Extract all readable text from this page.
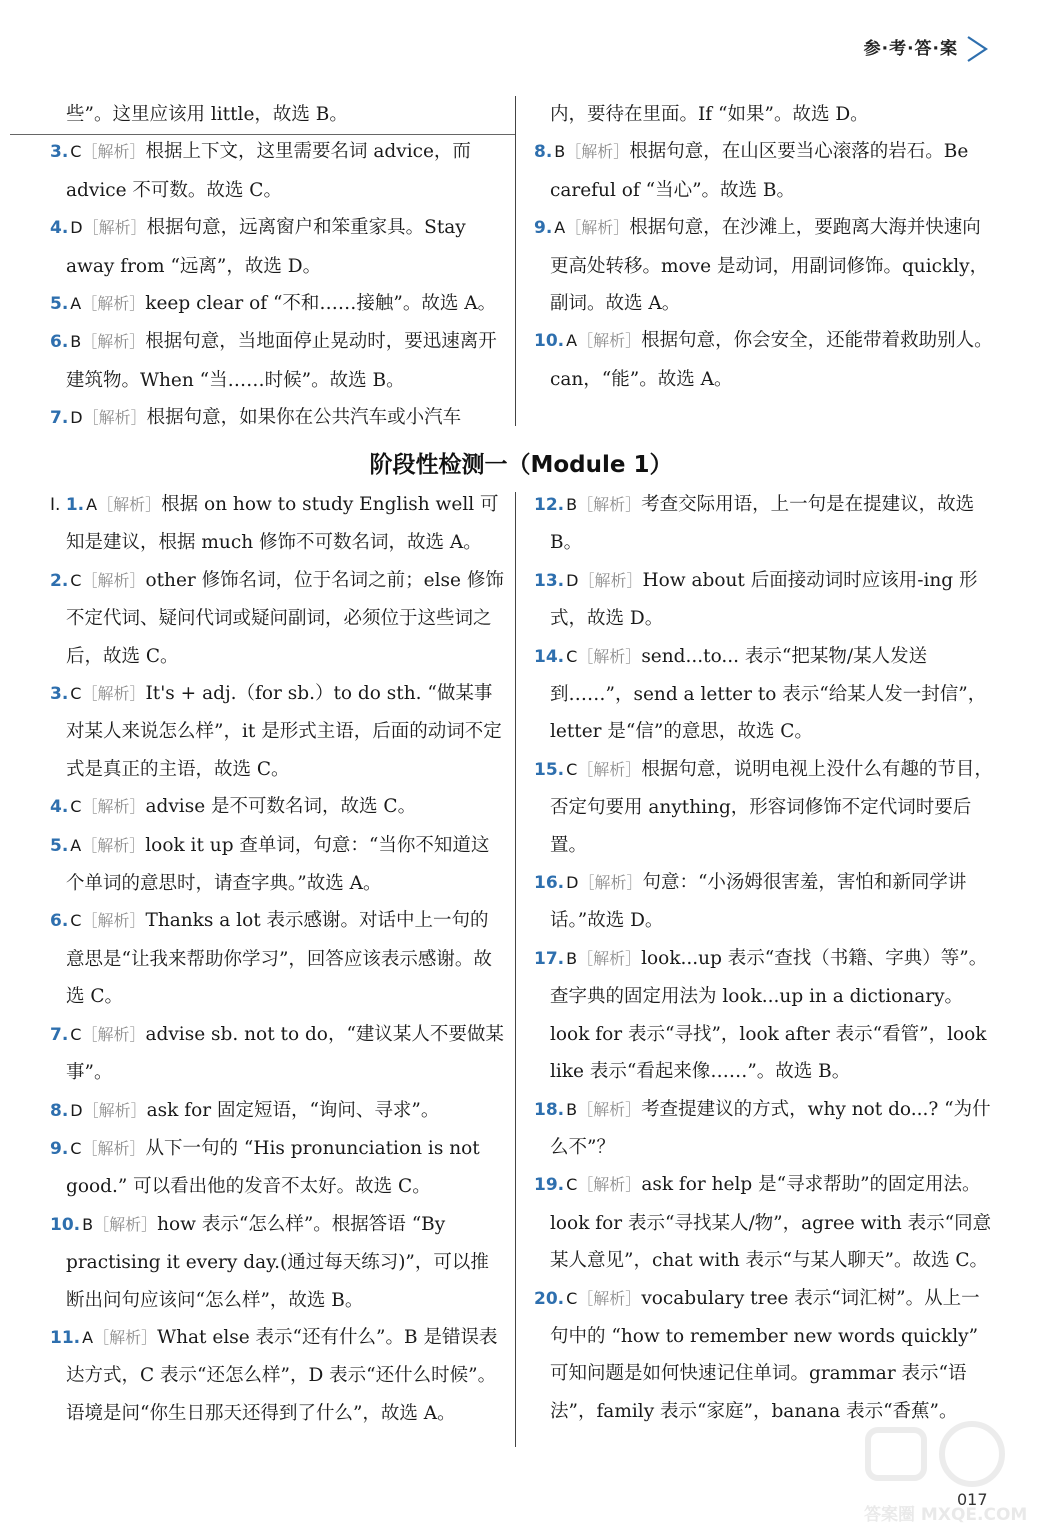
参·考·答·案

些”。这里应该用 little，故选 B。

3. C［解析］根据上下文，这里需要名词 advice，而 advice 不可数。故选 C。

4. D［解析］根据句意，远离窗户和笨重家具。Stay away from “远离”，故选 D。

5. A［解析］keep clear of “不和……接触”。故选 A。

6. B［解析］根据句意，当地面停止晃动时，要迅速离开建筑物。When “当……时候”。故选 B。

7. D［解析］根据句意，如果你在公共汽车或小汽车

内，要待在里面。If “如果”。故选 D。

8. B［解析］根据句意，在山区要当心滚落的岩石。Be careful of “当心”。故选 B。

9. A［解析］根据句意，在沙滩上，要跑离大海并快速向更高处转移。move 是动词，用副词修饰。quickly，副词。故选 A。

10. A［解析］根据句意，你会安全，还能带着救助别人。can，“能”。故选 A。

阶段性检测一（Module 1）

Ⅰ. 1. A［解析］根据 on how to study English well 可知是建议，根据 much 修饰不可数名词，故选 A。

2. C［解析］other 修饰名词，位于名词之前；else 修饰不定代词、疑问代词或疑问副词，必须位于这些词之后，故选 C。

3. C［解析］It's + adj.（for sb.）to do sth. “做某事对某人来说怎么样”，it 是形式主语，后面的动词不定式是真正的主语，故选 C。

4. C［解析］advise 是不可数名词，故选 C。

5. A［解析］look it up 查单词，句意：“当你不知道这个单词的意思时，请查字典。”故选 A。

6. C［解析］Thanks a lot 表示感谢。对话中上一句的意思是“让我来帮助你学习”，回答应该表示感谢。故选 C。

7. C［解析］advise sb. not to do，“建议某人不要做某事”。

8. D［解析］ask for 固定短语，“询问、寻求”。

9. C［解析］从下一句的 “His pronunciation is not good.” 可以看出他的发音不太好。故选 C。

10. B［解析］how 表示“怎么样”。根据答语 “By practising it every day.(通过每天练习)”，可以推断出问句应该问“怎么样”，故选 B。

11. A［解析］What else 表示“还有什么”。B 是错误表达方式，C 表示“还怎么样”，D 表示“还什么时候”。语境是问“你生日那天还得到了什么”，故选 A。

12. B［解析］考查交际用语，上一句是在提建议，故选 B。

13. D［解析］How about 后面接动词时应该用-ing 形式，故选 D。

14. C［解析］send...to... 表示“把某物/某人发送到……”，send a letter to 表示“给某人发一封信”，letter 是“信”的意思，故选 C。

15. C［解析］根据句意，说明电视上没什么有趣的节目，否定句要用 anything，形容词修饰不定代词时要后置。

16. D［解析］句意：“小汤姆很害羞，害怕和新同学讲话。”故选 D。

17. B［解析］look...up 表示“查找（书籍、字典）等”。查字典的固定用法为 look...up in a dictionary。look for 表示“寻找”，look after 表示“看管”，look like 表示“看起来像……”。故选 B。

18. B［解析］考查提建议的方式，why not do...? “为什么不”？

19. C［解析］ask for help 是“寻求帮助”的固定用法。look for 表示“寻找某人/物”，agree with 表示“同意某人意见”，chat with 表示“与某人聊天”。故选 C。

20. C［解析］vocabulary tree 表示“词汇树”。从上一句中的 “how to remember new words quickly” 可知问题是如何快速记住单词。grammar 表示“语法”，family 表示“家庭”，banana 表示“香蕉”。

017
答案圈 MXQE.COM
